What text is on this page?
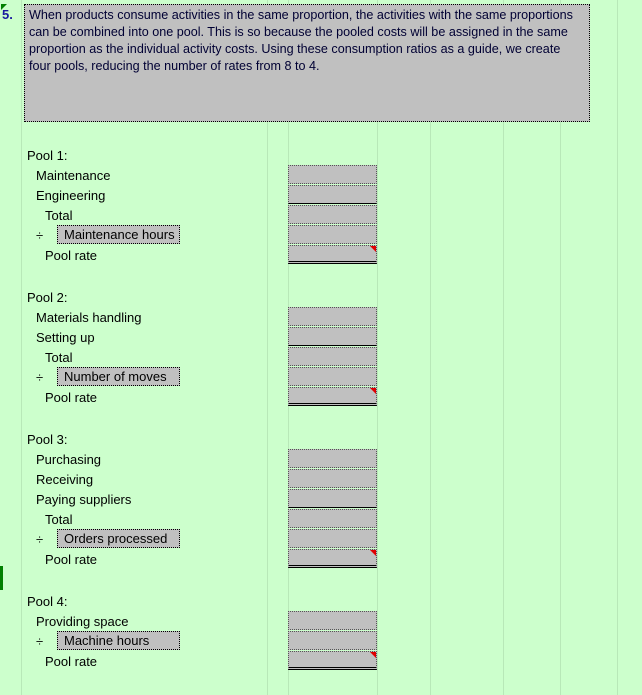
5.	When products consume activities in the same proportion, the activities with the same proportions can be combined into one pool. This is so because the pooled costs will be assigned in the same proportion as the individual activity costs. Using these consumption ratios as a guide, we create four pools, reducing the number of rates from 8 to 4.
Pool 1:
Maintenance
Engineering
Total
÷	Maintenance hours
Pool rate
Pool 2:
Materials handling
Setting up
Total
÷	Number of moves
Pool rate
Pool 3:
Purchasing
Receiving
Paying suppliers
Total
÷	Orders processed
Pool rate
Pool 4:
Providing space
÷	Machine hours
Pool rate
